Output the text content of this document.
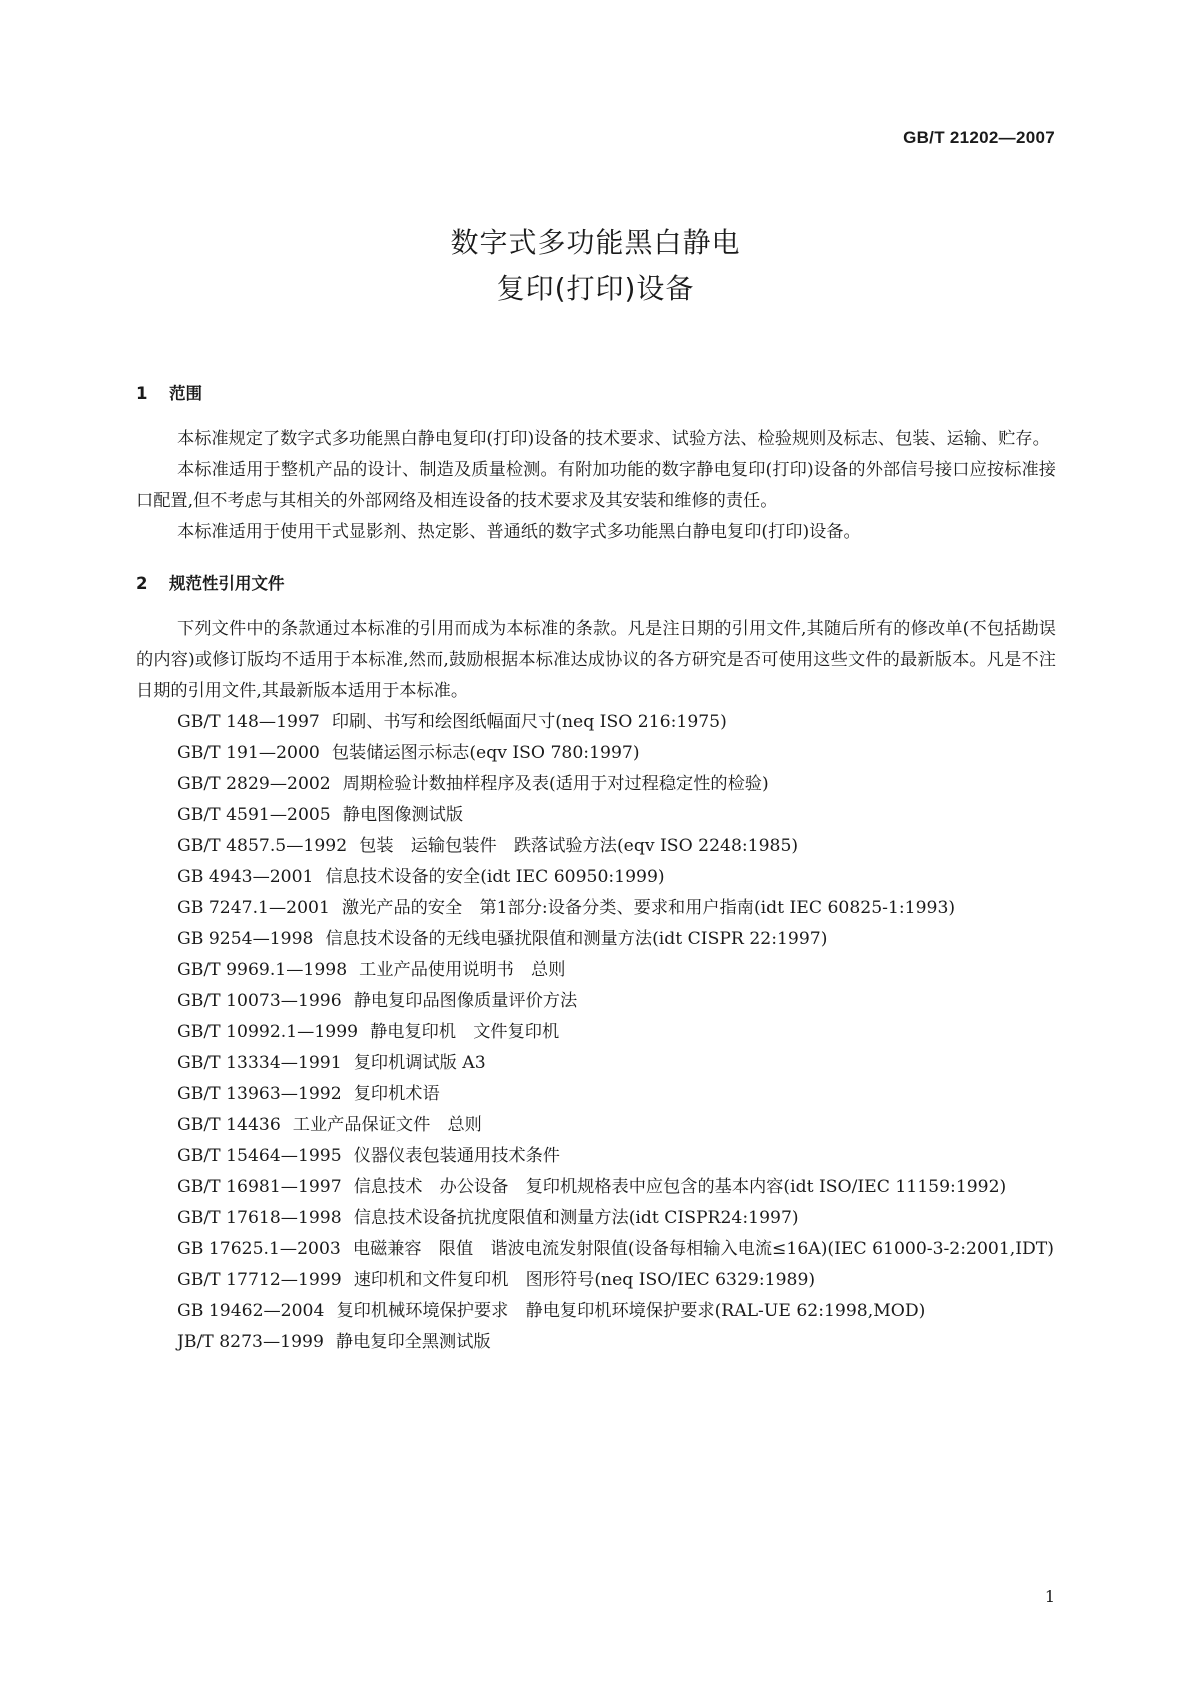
GB/T 21202—2007
数字式多功能黑白静电
复印(打印)设备
1 范围

本标准规定了数字式多功能黑白静电复印(打印)设备的技术要求、试验方法、检验规则及标志、包装、运输、贮存。

本标准适用于整机产品的设计、制造及质量检测。有附加功能的数字静电复印(打印)设备的外部信号接口应按标准接口配置,但不考虑与其相关的外部网络及相连设备的技术要求及其安装和维修的责任。

本标准适用于使用干式显影剂、热定影、普通纸的数字式多功能黑白静电复印(打印)设备。

2 规范性引用文件

下列文件中的条款通过本标准的引用而成为本标准的条款。凡是注日期的引用文件,其随后所有的修改单(不包括勘误的内容)或修订版均不适用于本标准,然而,鼓励根据本标准达成协议的各方研究是否可使用这些文件的最新版本。凡是不注日期的引用文件,其最新版本适用于本标准。

GB/T 148—1997 印刷、书写和绘图纸幅面尺寸(neq ISO 216:1975)

GB/T 191—2000 包装储运图示标志(eqv ISO 780:1997)

GB/T 2829—2002 周期检验计数抽样程序及表(适用于对过程稳定性的检验)

GB/T 4591—2005 静电图像测试版

GB/T 4857.5—1992 包装　运输包装件　跌落试验方法(eqv ISO 2248:1985)

GB 4943—2001 信息技术设备的安全(idt IEC 60950:1999)

GB 7247.1—2001 激光产品的安全　第1部分:设备分类、要求和用户指南(idt IEC 60825-1:1993)

GB 9254—1998 信息技术设备的无线电骚扰限值和测量方法(idt CISPR 22:1997)

GB/T 9969.1—1998 工业产品使用说明书　总则

GB/T 10073—1996 静电复印品图像质量评价方法

GB/T 10992.1—1999 静电复印机　文件复印机

GB/T 13334—1991 复印机调试版 A3

GB/T 13963—1992 复印机术语

GB/T 14436 工业产品保证文件　总则

GB/T 15464—1995 仪器仪表包装通用技术条件

GB/T 16981—1997 信息技术　办公设备　复印机规格表中应包含的基本内容(idt ISO/IEC 11159:1992)

GB/T 17618—1998 信息技术设备抗扰度限值和测量方法(idt CISPR24:1997)

GB 17625.1—2003 电磁兼容　限值　谐波电流发射限值(设备每相输入电流≤16A)(IEC 61000-3-2:2001,IDT)

GB/T 17712—1999 速印机和文件复印机　图形符号(neq ISO/IEC 6329:1989)

GB 19462—2004 复印机械环境保护要求　静电复印机环境保护要求(RAL-UE 62:1998,MOD)

JB/T 8273—1999 静电复印全黑测试版

1
